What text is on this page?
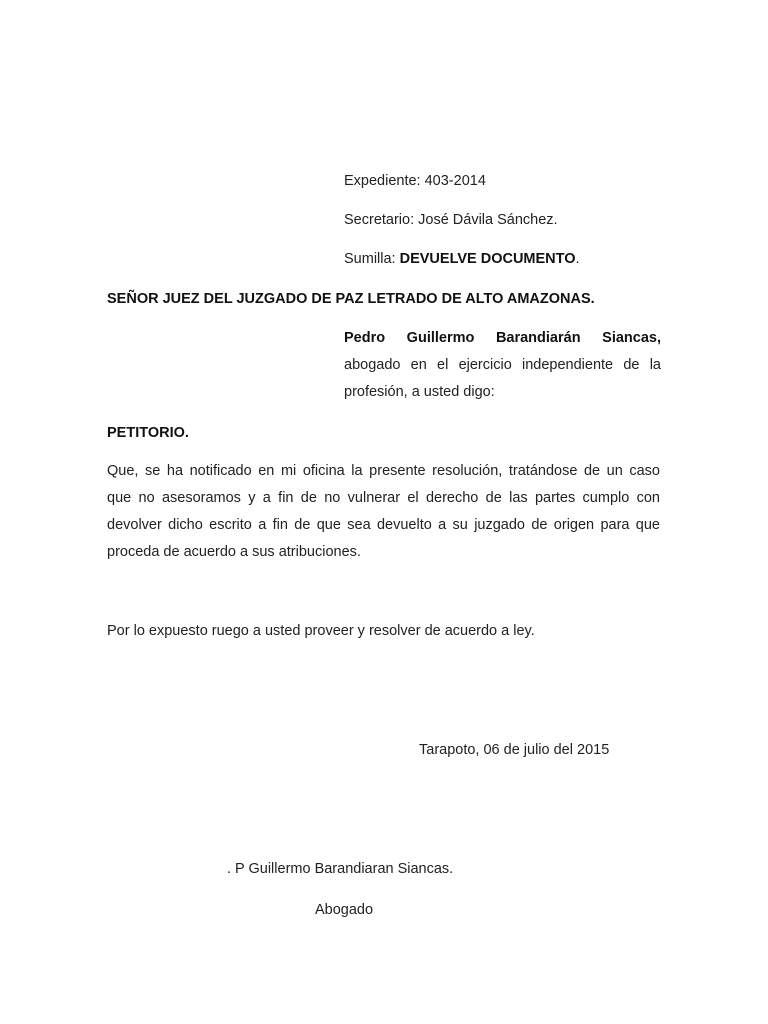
Expediente: 403-2014
Secretario: José Dávila Sánchez.
Sumilla: DEVUELVE DOCUMENTO.
SEÑOR JUEZ DEL JUZGADO DE PAZ LETRADO DE ALTO AMAZONAS.
Pedro Guillermo Barandiarán Siancas,
abogado en el ejercicio independiente de la
profesión, a usted digo:
PETITORIO.
Que, se ha notificado en mi oficina la presente resolución, tratándose de un caso
que no asesoramos y a fin de no vulnerar el derecho de las partes cumplo con
devolver dicho escrito a fin de que sea devuelto a su juzgado de origen para que
proceda de acuerdo a sus atribuciones.
Por lo expuesto ruego a usted proveer y resolver de acuerdo a ley.
Tarapoto, 06 de julio del 2015
. P Guillermo Barandiaran Siancas.
Abogado
